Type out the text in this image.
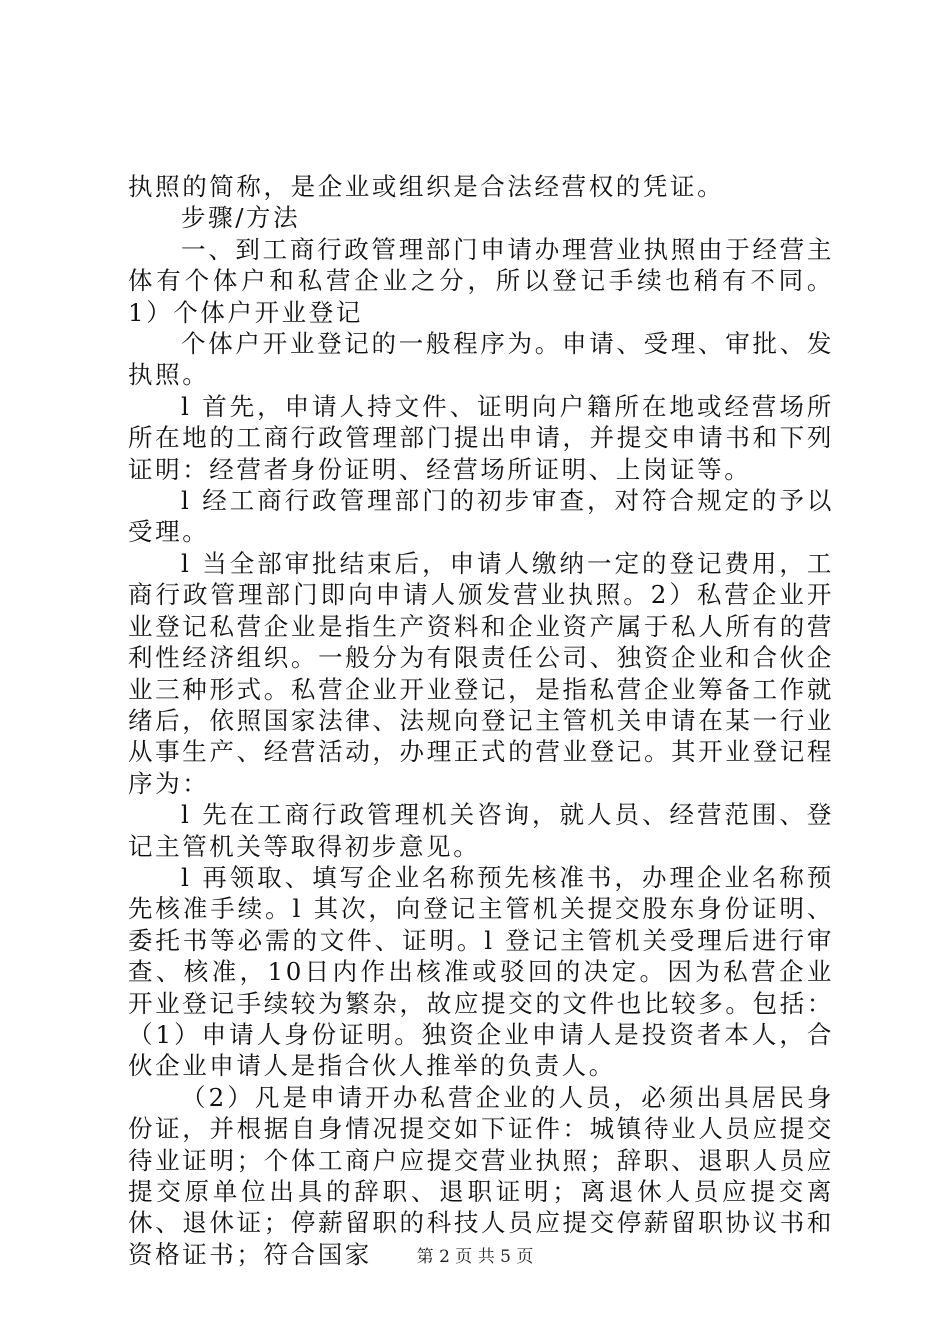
执照的简称，是企业或组织是合法经营权的凭证。

步骤/方法

一、到工商行政管理部门申请办理营业执照由于经营主体有个体户和私营企业之分，所以登记手续也稍有不同。1）个体户开业登记

个体户开业登记的一般程序为。申请、受理、审批、发执照。

l 首先，申请人持文件、证明向户籍所在地或经营场所所在地的工商行政管理部门提出申请，并提交申请书和下列证明：经营者身份证明、经营场所证明、上岗证等。

l 经工商行政管理部门的初步审查，对符合规定的予以受理。

l 当全部审批结束后，申请人缴纳一定的登记费用，工商行政管理部门即向申请人颁发营业执照。2）私营企业开业登记私营企业是指生产资料和企业资产属于私人所有的营利性经济组织。一般分为有限责任公司、独资企业和合伙企业三种形式。私营企业开业登记，是指私营企业筹备工作就绪后，依照国家法律、法规向登记主管机关申请在某一行业从事生产、经营活动，办理正式的营业登记。其开业登记程序为：

l 先在工商行政管理机关咨询，就人员、经营范围、登记主管机关等取得初步意见。

l 再领取、填写企业名称预先核准书，办理企业名称预先核准手续。l 其次，向登记主管机关提交股东身份证明、委托书等必需的文件、证明。l 登记主管机关受理后进行审查、核准，10日内作出核准或驳回的决定。因为私营企业开业登记手续较为繁杂，故应提交的文件也比较多。包括：（1）申请人身份证明。独资企业申请人是投资者本人，合伙企业申请人是指合伙人推举的负责人。

（2）凡是申请开办私营企业的人员，必须出具居民身份证，并根据自身情况提交如下证件：城镇待业人员应提交待业证明；个体工商户应提交营业执照；辞职、退职人员应提交原单位出具的辞职、退职证明；离退休人员应提交离休、退休证；停薪留职的科技人员应提交停薪留职协议书和资格证书；符合国家	第 2 页 共 5 页
